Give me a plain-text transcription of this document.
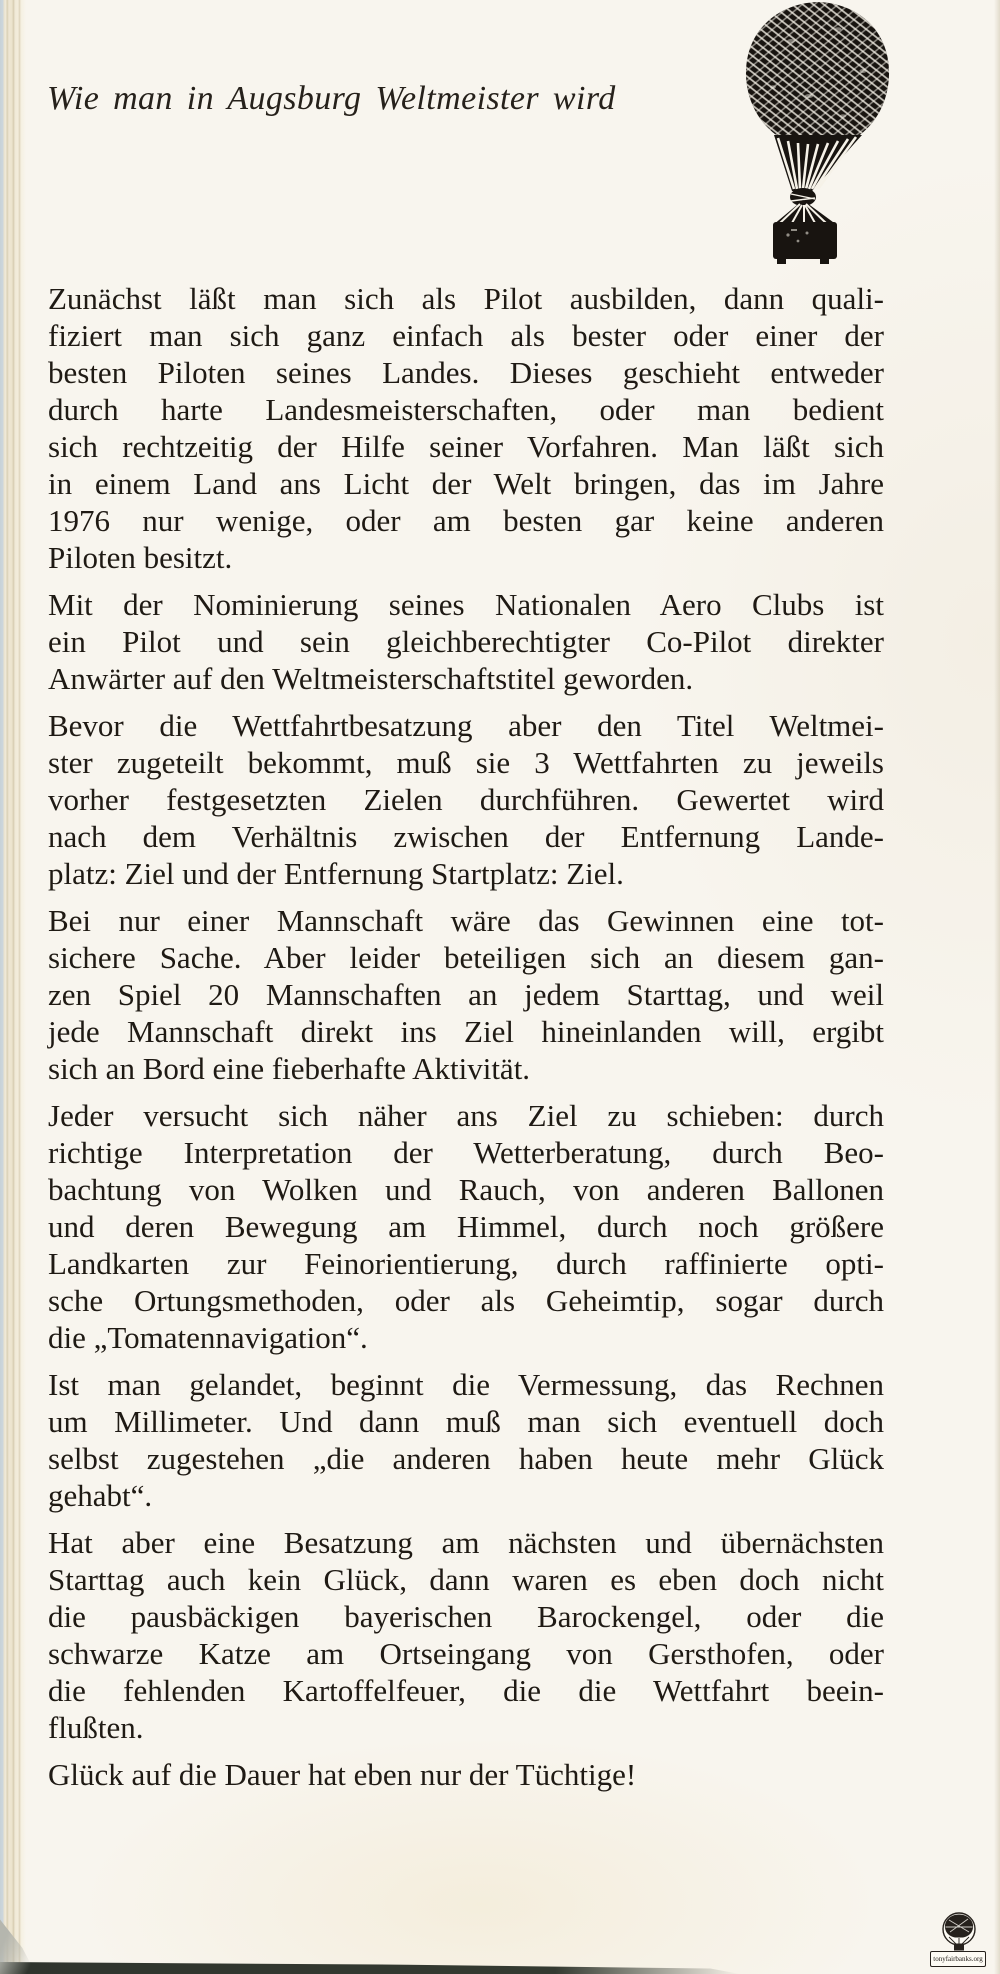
Wie man in Augsburg Weltmeister wird
Zunächst läßt man sich als Pilot ausbilden, dann quali-
fiziert man sich ganz einfach als bester oder einer der
besten Piloten seines Landes. Dieses geschieht entweder
durch harte Landesmeisterschaften, oder man bedient
sich rechtzeitig der Hilfe seiner Vorfahren. Man läßt sich
in einem Land ans Licht der Welt bringen, das im Jahre
1976 nur wenige, oder am besten gar keine anderen
Piloten besitzt.
Mit der Nominierung seines Nationalen Aero Clubs ist
ein Pilot und sein gleichberechtigter Co-Pilot direkter
Anwärter auf den Weltmeisterschaftstitel geworden.
Bevor die Wettfahrtbesatzung aber den Titel Weltmei-
ster zugeteilt bekommt, muß sie 3 Wettfahrten zu jeweils
vorher festgesetzten Zielen durchführen. Gewertet wird
nach dem Verhältnis zwischen der Entfernung Lande-
platz: Ziel und der Entfernung Startplatz: Ziel.
Bei nur einer Mannschaft wäre das Gewinnen eine tot-
sichere Sache. Aber leider beteiligen sich an diesem gan-
zen Spiel 20 Mannschaften an jedem Starttag, und weil
jede Mannschaft direkt ins Ziel hineinlanden will, ergibt
sich an Bord eine fieberhafte Aktivität.
Jeder versucht sich näher ans Ziel zu schieben: durch
richtige Interpretation der Wetterberatung, durch Beo-
bachtung von Wolken und Rauch, von anderen Ballonen
und deren Bewegung am Himmel, durch noch größere
Landkarten zur Feinorientierung, durch raffinierte opti-
sche Ortungsmethoden, oder als Geheimtip, sogar durch
die „Tomatennavigation“.
Ist man gelandet, beginnt die Vermessung, das Rechnen
um Millimeter. Und dann muß man sich eventuell doch
selbst zugestehen „die anderen haben heute mehr Glück
gehabt“.
Hat aber eine Besatzung am nächsten und übernächsten
Starttag auch kein Glück, dann waren es eben doch nicht
die pausbäckigen bayerischen Barockengel, oder die
schwarze Katze am Ortseingang von Gersthofen, oder
die fehlenden Kartoffelfeuer, die die Wettfahrt beein-
flußten.
Glück auf die Dauer hat eben nur der Tüchtige!
tonyfairbanks.org
